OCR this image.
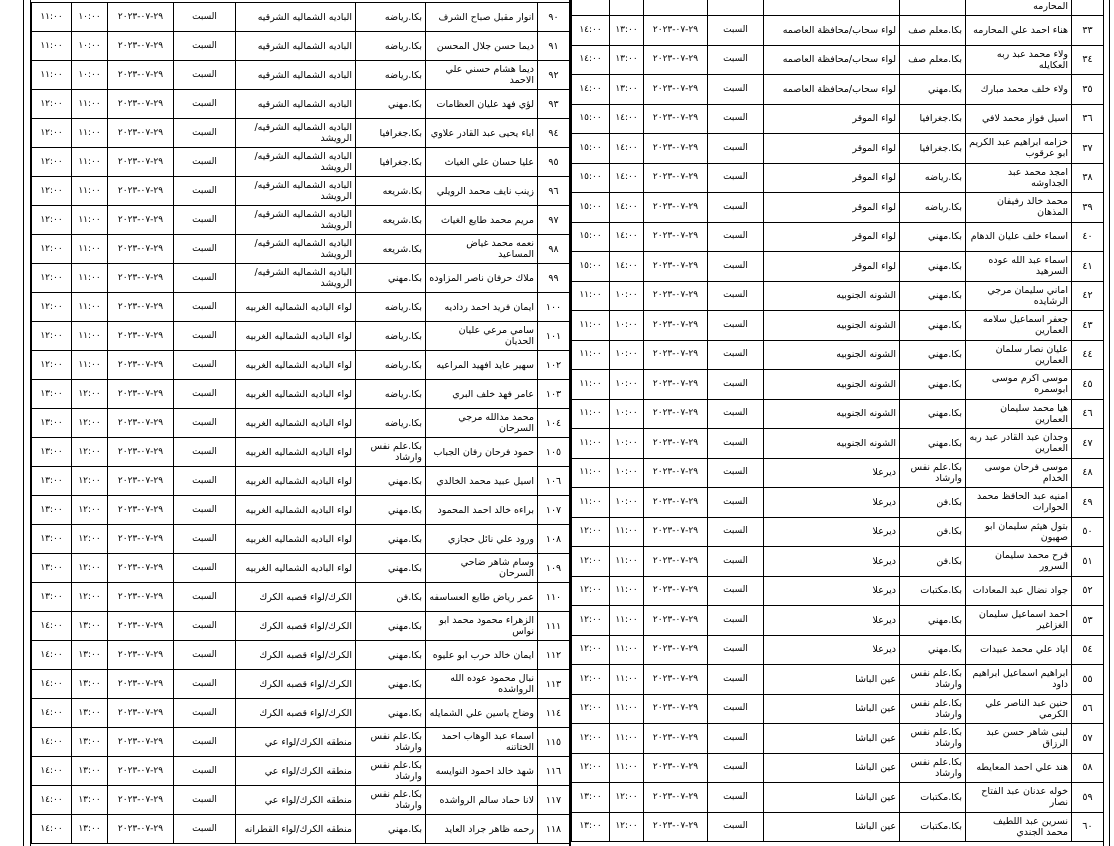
٩٠	انوار مقبل صباح الشرف	بكا.رياضه	الباديه الشماليه الشرقيه	السبت	٢٩-٠٧-٢٠٢٣	١٠:٠٠	١١:٠٠
٩١	ديما حسن جلال المحسن	بكا.رياضه	الباديه الشماليه الشرقيه	السبت	٢٩-٠٧-٢٠٢٣	١٠:٠٠	١١:٠٠
٩٢	ديما هشام حسني علي الاحمد	بكا.رياضه	الباديه الشماليه الشرقيه	السبت	٢٩-٠٧-٢٠٢٣	١٠:٠٠	١١:٠٠
٩٣	لؤي فهد عليان العظامات	بكا.مهني	الباديه الشماليه الشرقيه	السبت	٢٩-٠٧-٢٠٢٣	١١:٠٠	١٢:٠٠
٩٤	اباء يحيى عبد القادر علاوي	بكا.جغرافيا	الباديه الشماليه الشرقيه/ الرويشد	السبت	٢٩-٠٧-٢٠٢٣	١١:٠٠	١٢:٠٠
٩٥	عليا حسان علي الغياث	بكا.جغرافيا	الباديه الشماليه الشرقيه/ الرويشد	السبت	٢٩-٠٧-٢٠٢٣	١١:٠٠	١٢:٠٠
٩٦	زينب نايف محمد الرويلي	بكا.شريعه	الباديه الشماليه الشرقيه/ الرويشد	السبت	٢٩-٠٧-٢٠٢٣	١١:٠٠	١٢:٠٠
٩٧	مريم محمد طايع الغياث	بكا.شريعه	الباديه الشماليه الشرقيه/ الرويشد	السبت	٢٩-٠٧-٢٠٢٣	١١:٠٠	١٢:٠٠
٩٨	نعمه محمد غياض المساعيد	بكا.شريعه	الباديه الشماليه الشرقيه/ الرويشد	السبت	٢٩-٠٧-٢٠٢٣	١١:٠٠	١٢:٠٠
٩٩	ملاك حرفان ناصر المزاوده	بكا.مهني	الباديه الشماليه الشرقيه/ الرويشد	السبت	٢٩-٠٧-٢٠٢٣	١١:٠٠	١٢:٠٠
١٠٠	ايمان فريد احمد رداديه	بكا.رياضه	لواء الباديه الشماليه الغربيه	السبت	٢٩-٠٧-٢٠٢٣	١١:٠٠	١٢:٠٠
١٠١	سامي مرعي عليان الحديان	بكا.رياضه	لواء الباديه الشماليه الغربيه	السبت	٢٩-٠٧-٢٠٢٣	١١:٠٠	١٢:٠٠
١٠٢	سهير عايد افهيد المراعيه	بكا.رياضه	لواء الباديه الشماليه الغربيه	السبت	٢٩-٠٧-٢٠٢٣	١١:٠٠	١٢:٠٠
١٠٣	عامر فهد خلف البري	بكا.رياضه	لواء الباديه الشماليه الغربيه	السبت	٢٩-٠٧-٢٠٢٣	١٢:٠٠	١٣:٠٠
١٠٤	محمد مدالله مرجي السرحان	بكا.رياضه	لواء الباديه الشماليه الغربيه	السبت	٢٩-٠٧-٢٠٢٣	١٢:٠٠	١٣:٠٠
١٠٥	حمود فرحان رفان الجباب	بكا.علم نفس وارشاد	لواء الباديه الشماليه الغربيه	السبت	٢٩-٠٧-٢٠٢٣	١٢:٠٠	١٣:٠٠
١٠٦	اسيل عبيد محمد الخالدي	بكا.مهني	لواء الباديه الشماليه الغربيه	السبت	٢٩-٠٧-٢٠٢٣	١٢:٠٠	١٣:٠٠
١٠٧	براءه خالد احمد المحمود	بكا.مهني	لواء الباديه الشماليه الغربيه	السبت	٢٩-٠٧-٢٠٢٣	١٢:٠٠	١٣:٠٠
١٠٨	ورود علي نائل حجازي	بكا.مهني	لواء الباديه الشماليه الغربيه	السبت	٢٩-٠٧-٢٠٢٣	١٢:٠٠	١٣:٠٠
١٠٩	وسام شاهر ضاحي السرحان	بكا.مهني	لواء الباديه الشماليه الغربيه	السبت	٢٩-٠٧-٢٠٢٣	١٢:٠٠	١٣:٠٠
١١٠	عمر رياض طايع العساسفه	بكا.فن	الكرك/لواء قصبه الكرك	السبت	٢٩-٠٧-٢٠٢٣	١٢:٠٠	١٣:٠٠
١١١	الزهراء محمود محمد ابو نواس	بكا.مهني	الكرك/لواء قصبه الكرك	السبت	٢٩-٠٧-٢٠٢٣	١٣:٠٠	١٤:٠٠
١١٢	ايمان خالد حرب ابو عليوه	بكا.مهني	الكرك/لواء قصبه الكرك	السبت	٢٩-٠٧-٢٠٢٣	١٣:٠٠	١٤:٠٠
١١٣	نبال محمود عوده الله الرواشده	بكا.مهني	الكرك/لواء قصبه الكرك	السبت	٢٩-٠٧-٢٠٢٣	١٣:٠٠	١٤:٠٠
١١٤	وضاح ياسين علي الشمايله	بكا.مهني	الكرك/لواء قصبه الكرك	السبت	٢٩-٠٧-٢٠٢٣	١٣:٠٠	١٤:٠٠
١١٥	اسماء عبد الوهاب احمد الختاتنه	بكا.علم نفس وارشاد	منطقه الكرك/لواء عي	السبت	٢٩-٠٧-٢٠٢٣	١٣:٠٠	١٤:٠٠
١١٦	شهد خالد احمود النوايسه	بكا.علم نفس وارشاد	منطقه الكرك/لواء عي	السبت	٢٩-٠٧-٢٠٢٣	١٣:٠٠	١٤:٠٠
١١٧	لانا حماد سالم الرواشده	بكا.علم نفس وارشاد	منطقه الكرك/لواء عي	السبت	٢٩-٠٧-٢٠٢٣	١٣:٠٠	١٤:٠٠
١١٨	رحمه ظاهر جراد العايد	بكا.مهني	منطقه الكرك/لواء القطرانه	السبت	٢٩-٠٧-٢٠٢٣	١٣:٠٠	١٤:٠٠
	المحارمه						
٣٣	هناء احمد علي المحارمه	بكا.معلم صف	لواء سحاب/محافظة العاصمه	السبت	٢٩-٠٧-٢٠٢٣	١٣:٠٠	١٤:٠٠
٣٤	ولاء محمد عبد ربه العكايله	بكا.معلم صف	لواء سحاب/محافظة العاصمه	السبت	٢٩-٠٧-٢٠٢٣	١٣:٠٠	١٤:٠٠
٣٥	ولاء خلف محمد مبارك	بكا.مهني	لواء سحاب/محافظة العاصمه	السبت	٢٩-٠٧-٢٠٢٣	١٣:٠٠	١٤:٠٠
٣٦	اسيل فواز محمد لافي	بكا.جغرافيا	لواء الموقر	السبت	٢٩-٠٧-٢٠٢٣	١٤:٠٠	١٥:٠٠
٣٧	خزامه ابراهيم عبد الكريم ابو عرقوب	بكا.جغرافيا	لواء الموقر	السبت	٢٩-٠٧-٢٠٢٣	١٤:٠٠	١٥:٠٠
٣٨	امجد محمد عبد الجداوشه	بكا.رياضه	لواء الموقر	السبت	٢٩-٠٧-٢٠٢٣	١٤:٠٠	١٥:٠٠
٣٩	محمد خالد رفيفان المذهان	بكا.رياضه	لواء الموقر	السبت	٢٩-٠٧-٢٠٢٣	١٤:٠٠	١٥:٠٠
٤٠	اسماء خلف عليان الدهام	بكا.مهني	لواء الموقر	السبت	٢٩-٠٧-٢٠٢٣	١٤:٠٠	١٥:٠٠
٤١	اسماء عبد الله عوده السرهيد	بكا.مهني	لواء الموقر	السبت	٢٩-٠٧-٢٠٢٣	١٤:٠٠	١٥:٠٠
٤٢	اماني سليمان مرجي الرشايده	بكا.مهني	الشونه الجنوبيه	السبت	٢٩-٠٧-٢٠٢٣	١٠:٠٠	١١:٠٠
٤٣	جعفر اسماعيل سلامه العمارين	بكا.مهني	الشونه الجنوبيه	السبت	٢٩-٠٧-٢٠٢٣	١٠:٠٠	١١:٠٠
٤٤	عليان نصار سلمان العمارين	بكا.مهني	الشونه الجنوبيه	السبت	٢٩-٠٧-٢٠٢٣	١٠:٠٠	١١:٠٠
٤٥	موسى اكرم موسى ابوسمره	بكا.مهني	الشونه الجنوبيه	السبت	٢٩-٠٧-٢٠٢٣	١٠:٠٠	١١:٠٠
٤٦	هيا محمد سليمان العمارين	بكا.مهني	الشونه الجنوبيه	السبت	٢٩-٠٧-٢٠٢٣	١٠:٠٠	١١:٠٠
٤٧	وجدان عبد القادر عبد ربه العمارين	بكا.مهني	الشونه الجنوبيه	السبت	٢٩-٠٧-٢٠٢٣	١٠:٠٠	١١:٠٠
٤٨	موسى فرحان موسى الخدام	بكا.علم نفس وارشاد	ديرعلا	السبت	٢٩-٠٧-٢٠٢٣	١٠:٠٠	١١:٠٠
٤٩	امنيه عبد الحافظ محمد الحوارات	بكا.فن	ديرعلا	السبت	٢٩-٠٧-٢٠٢٣	١٠:٠٠	١١:٠٠
٥٠	بتول هيثم سليمان ابو صهيون	بكا.فن	ديرعلا	السبت	٢٩-٠٧-٢٠٢٣	١١:٠٠	١٢:٠٠
٥١	فرح محمد سليمان السرور	بكا.فن	ديرعلا	السبت	٢٩-٠٧-٢٠٢٣	١١:٠٠	١٢:٠٠
٥٢	جواد نضال عبد المعادات	بكا.مكتبات	ديرعلا	السبت	٢٩-٠٧-٢٠٢٣	١١:٠٠	١٢:٠٠
٥٣	احمد اسماعيل سليمان الغزاغير	بكا.مهني	ديرعلا	السبت	٢٩-٠٧-٢٠٢٣	١١:٠٠	١٢:٠٠
٥٤	اياد علي محمد عبيدات	بكا.مهني	ديرعلا	السبت	٢٩-٠٧-٢٠٢٣	١١:٠٠	١٢:٠٠
٥٥	ابراهيم اسماعيل ابراهيم داود	بكا.علم نفس وارشاد	عين الباشا	السبت	٢٩-٠٧-٢٠٢٣	١١:٠٠	١٢:٠٠
٥٦	حنين عبد الناصر علي الكرمي	بكا.علم نفس وارشاد	عين الباشا	السبت	٢٩-٠٧-٢٠٢٣	١١:٠٠	١٢:٠٠
٥٧	لبنى شاهر حسن عبد الرزاق	بكا.علم نفس وارشاد	عين الباشا	السبت	٢٩-٠٧-٢٠٢٣	١١:٠٠	١٢:٠٠
٥٨	هند علي احمد المعايطه	بكا.علم نفس وارشاد	عين الباشا	السبت	٢٩-٠٧-٢٠٢٣	١١:٠٠	١٢:٠٠
٥٩	خوله عدنان عبد الفتاح نصار	بكا.مكتبات	عين الباشا	السبت	٢٩-٠٧-٢٠٢٣	١٢:٠٠	١٣:٠٠
٦٠	نسرين عبد اللطيف محمد الجندي	بكا.مكتبات	عين الباشا	السبت	٢٩-٠٧-٢٠٢٣	١٢:٠٠	١٣:٠٠
